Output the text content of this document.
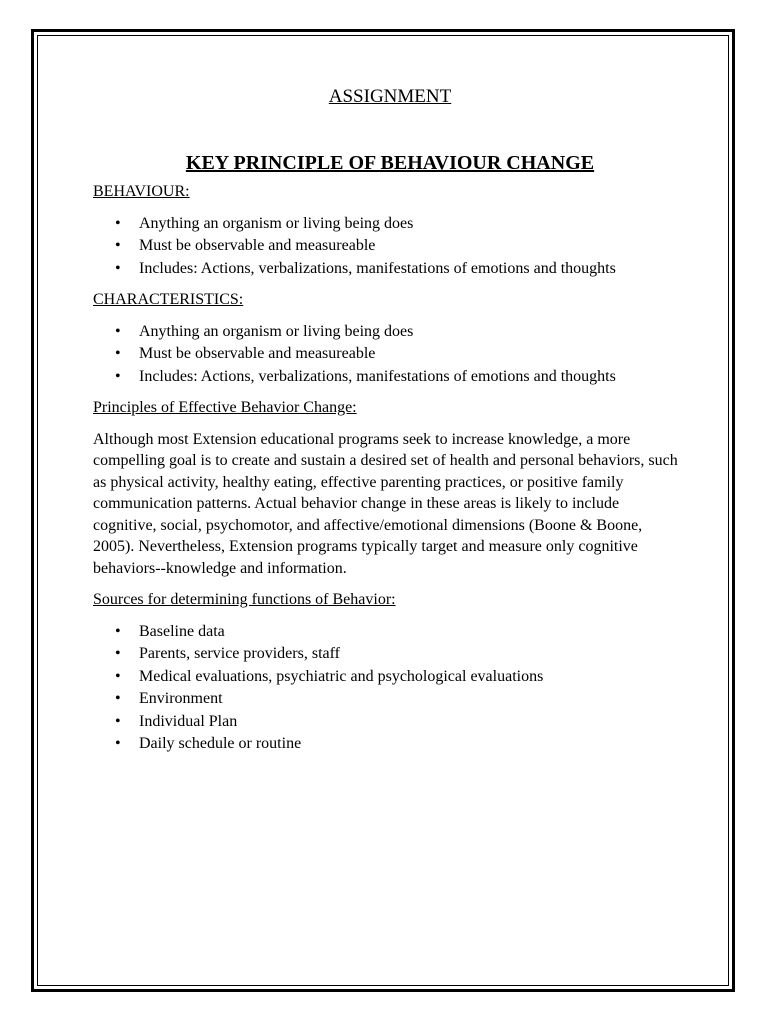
ASSIGNMENT
KEY PRINCIPLE OF BEHAVIOUR CHANGE
BEHAVIOUR:
• Anything an organism or living being does
• Must be observable and measureable
• Includes: Actions, verbalizations, manifestations of emotions and thoughts
CHARACTERISTICS:
• Anything an organism or living being does
• Must be observable and measureable
• Includes: Actions, verbalizations, manifestations of emotions and thoughts
Principles of Effective Behavior Change:
Although most Extension educational programs seek to increase knowledge, a more compelling goal is to create and sustain a desired set of health and personal behaviors, such as physical activity, healthy eating, effective parenting practices, or positive family communication patterns. Actual behavior change in these areas is likely to include cognitive, social, psychomotor, and affective/emotional dimensions (Boone & Boone, 2005). Nevertheless, Extension programs typically target and measure only cognitive behaviors--knowledge and information.
Sources for determining functions of Behavior:
• Baseline data
• Parents, service providers, staff
• Medical evaluations, psychiatric and psychological evaluations
• Environment
• Individual Plan
• Daily schedule or routine
